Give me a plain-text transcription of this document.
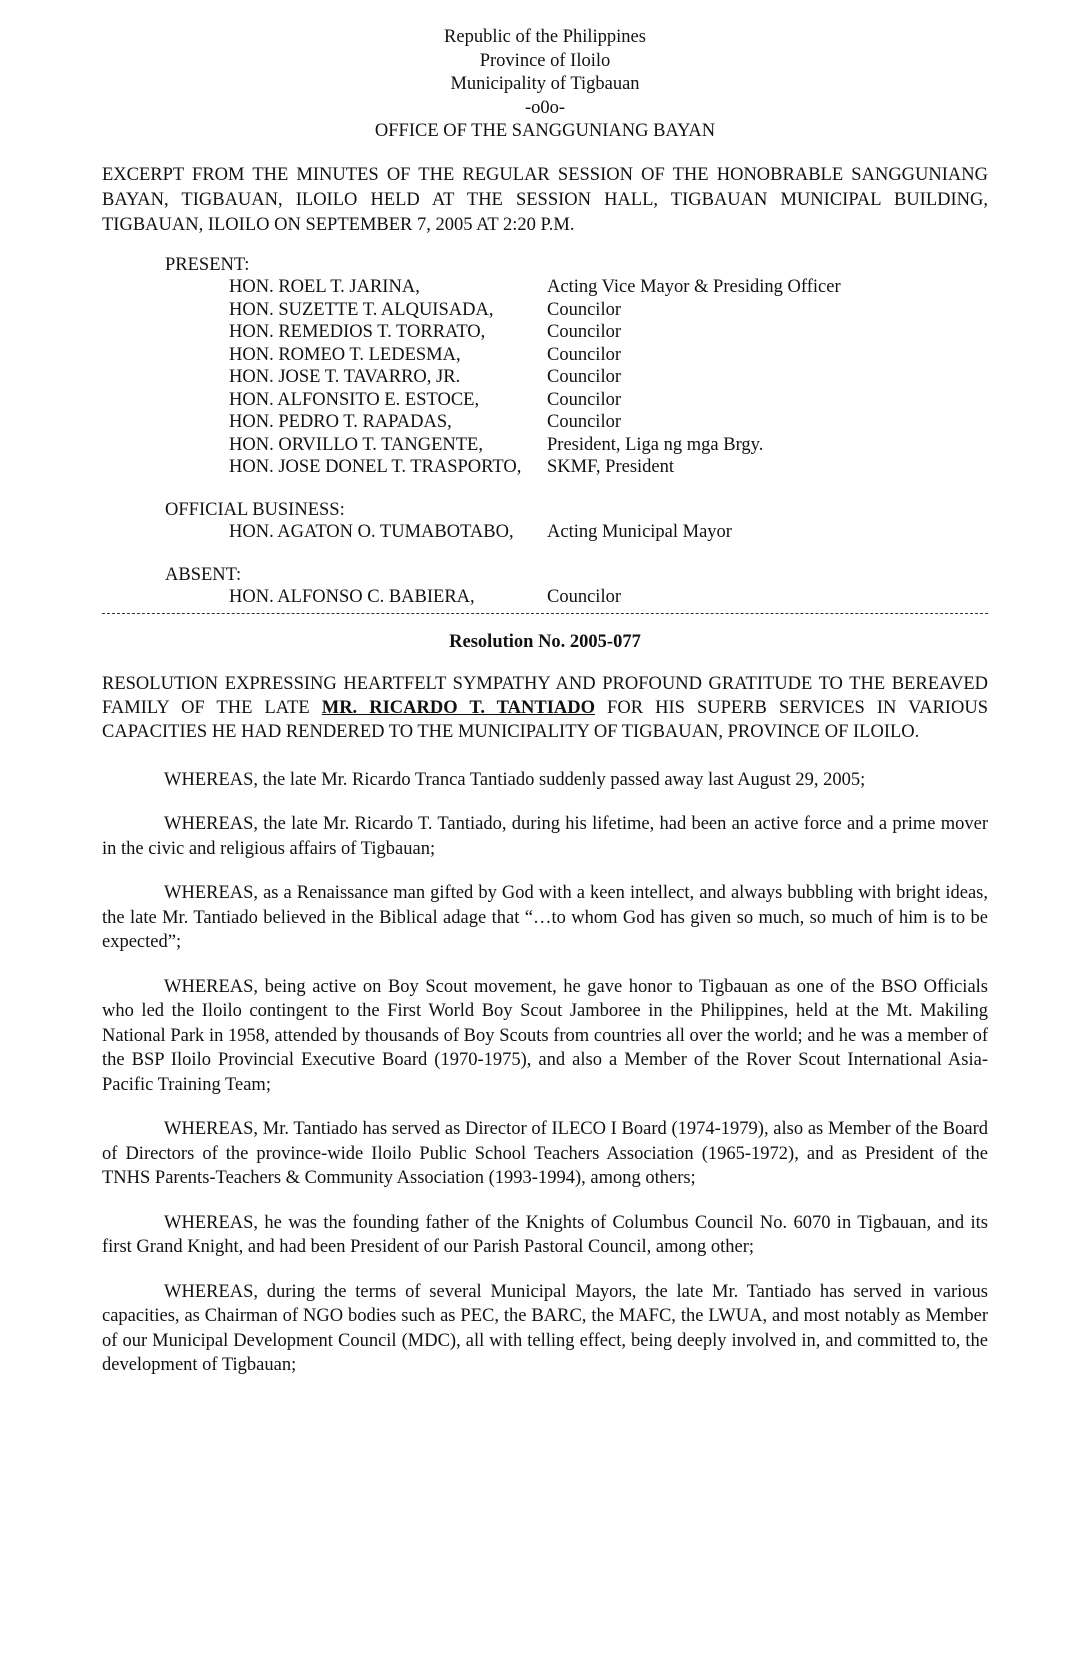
Republic of the Philippines
Province of Iloilo
Municipality of Tigbauan
-o0o-
OFFICE OF THE SANGGUNIANG BAYAN
EXCERPT FROM THE MINUTES OF THE REGULAR SESSION OF THE HONOBRABLE SANGGUNIANG BAYAN, TIGBAUAN, ILOILO HELD AT THE SESSION HALL, TIGBAUAN MUNICIPAL BUILDING, TIGBAUAN, ILOILO ON SEPTEMBER 7, 2005 AT 2:20 P.M.
PRESENT:
HON. ROEL T. JARINA,	Acting Vice Mayor & Presiding Officer
HON. SUZETTE T. ALQUISADA,	Councilor
HON. REMEDIOS T. TORRATO,	Councilor
HON. ROMEO T. LEDESMA,	Councilor
HON. JOSE T. TAVARRO, JR.	Councilor
HON. ALFONSITO E. ESTOCE,	Councilor
HON. PEDRO T. RAPADAS,	Councilor
HON. ORVILLO T. TANGENTE,	President, Liga ng mga Brgy.
HON. JOSE DONEL T. TRASPORTO,	SKMF, President
OFFICIAL BUSINESS:
HON. AGATON O. TUMABOTABO,	Acting Municipal Mayor
ABSENT:
HON. ALFONSO C. BABIERA,	Councilor
Resolution No. 2005-077
RESOLUTION EXPRESSING HEARTFELT SYMPATHY AND PROFOUND GRATITUDE TO THE BEREAVED FAMILY OF THE LATE MR. RICARDO T. TANTIADO FOR HIS SUPERB SERVICES IN VARIOUS CAPACITIES HE HAD RENDERED TO THE MUNICIPALITY OF TIGBAUAN, PROVINCE OF ILOILO.

WHEREAS, the late Mr. Ricardo Tranca Tantiado suddenly passed away last August 29, 2005;

WHEREAS, the late Mr. Ricardo T. Tantiado, during his lifetime, had been an active force and a prime mover in the civic and religious affairs of Tigbauan;

WHEREAS, as a Renaissance man gifted by God with a keen intellect, and always bubbling with bright ideas, the late Mr. Tantiado believed in the Biblical adage that “…to whom God has given so much, so much of him is to be expected”;

WHEREAS, being active on Boy Scout movement, he gave honor to Tigbauan as one of the BSO Officials who led the Iloilo contingent to the First World Boy Scout Jamboree in the Philippines, held at the Mt. Makiling National Park in 1958, attended by thousands of Boy Scouts from countries all over the world; and he was a member of the BSP Iloilo Provincial Executive Board (1970-1975), and also a Member of the Rover Scout International Asia-Pacific Training Team;

WHEREAS, Mr. Tantiado has served as Director of ILECO I Board (1974-1979), also as Member of the Board of Directors of the province-wide Iloilo Public School Teachers Association (1965-1972), and as President of the TNHS Parents-Teachers & Community Association (1993-1994), among others;

WHEREAS, he was the founding father of the Knights of Columbus Council No. 6070 in Tigbauan, and its first Grand Knight, and had been President of our Parish Pastoral Council, among other;

WHEREAS, during the terms of several Municipal Mayors, the late Mr. Tantiado has served in various capacities, as Chairman of NGO bodies such as PEC, the BARC, the MAFC, the LWUA, and most notably as Member of our Municipal Development Council (MDC), all with telling effect, being deeply involved in, and committed to, the development of Tigbauan;
